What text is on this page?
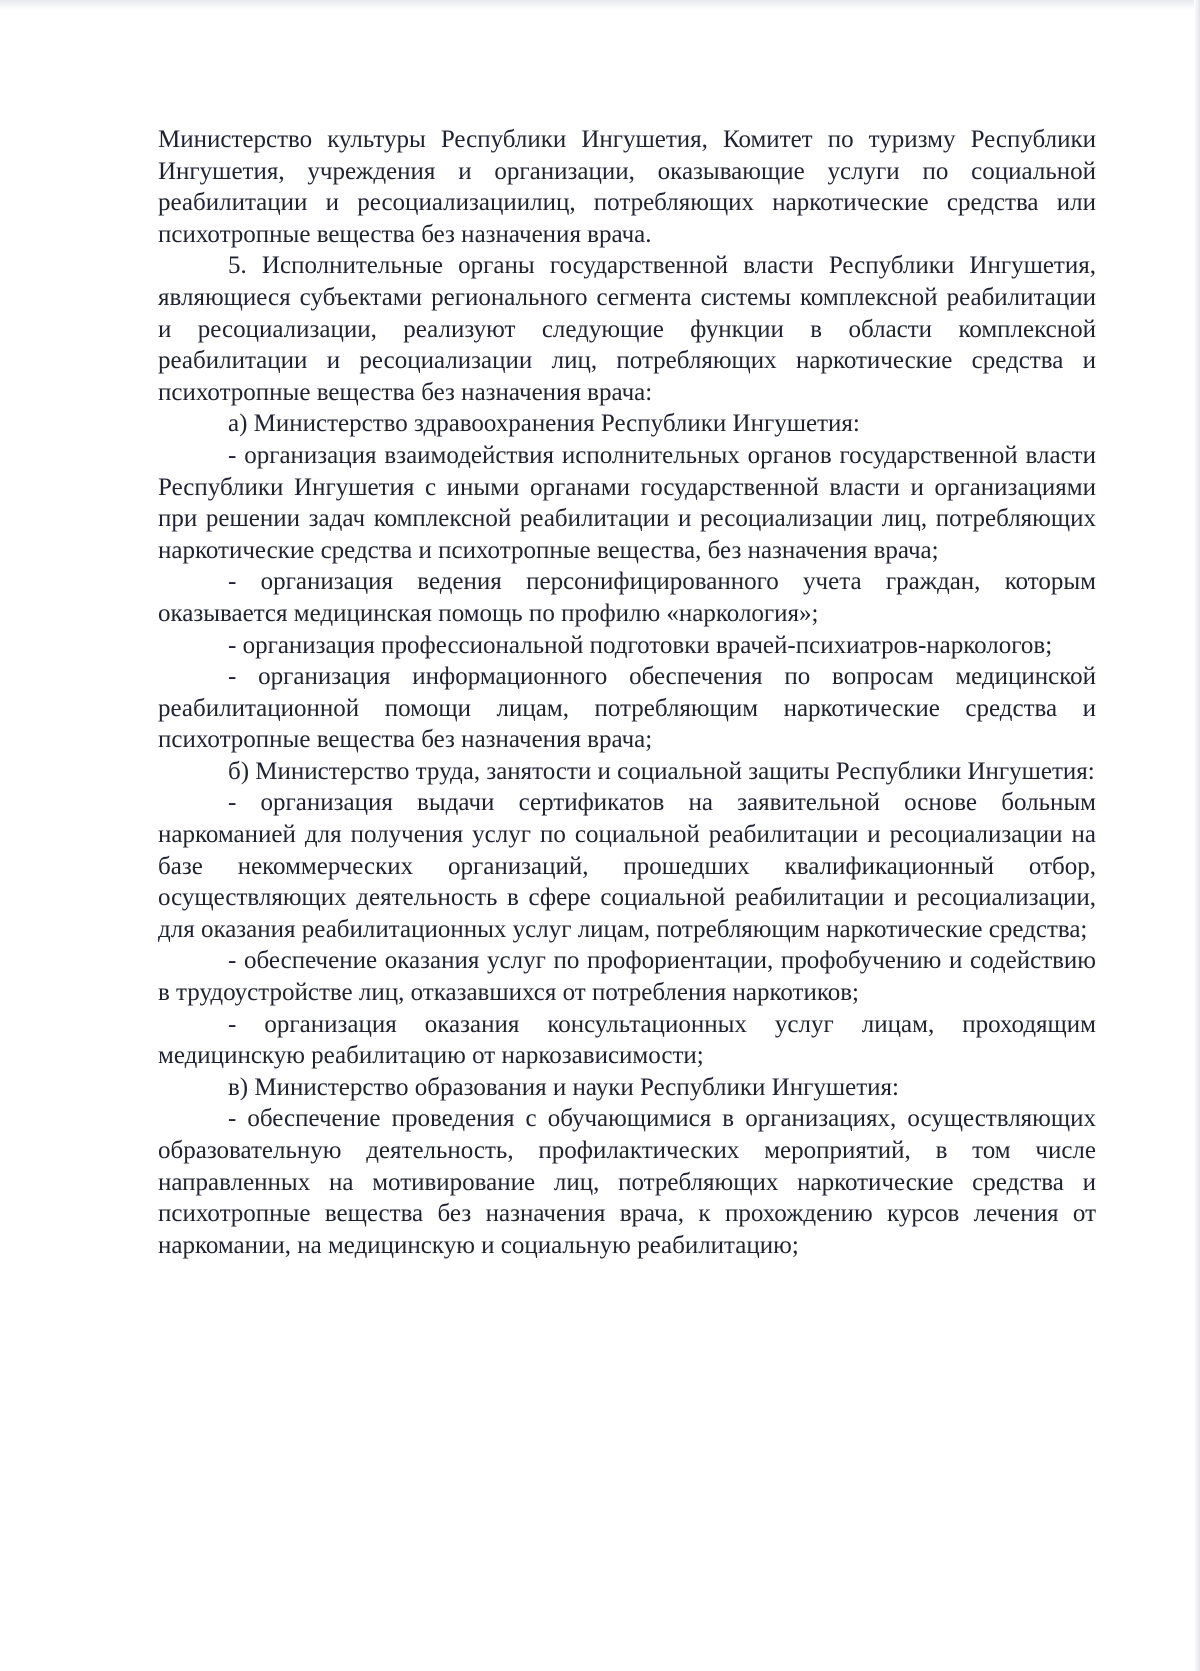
Министерство культуры Республики Ингушетия, Комитет по туризму Республики Ингушетия, учреждения и организации, оказывающие услуги по социальной реабилитации и ресоциализациилиц, потребляющих наркотические средства или психотропные вещества без назначения врача.

5. Исполнительные органы государственной власти Республики Ингушетия, являющиеся субъектами регионального сегмента системы комплексной реабилитации и ресоциализации, реализуют следующие функции в области комплексной реабилитации и ресоциализации лиц, потребляющих наркотические средства и психотропные вещества без назначения врача:

а) Министерство здравоохранения Республики Ингушетия:

- организация взаимодействия исполнительных органов государственной власти Республики Ингушетия с иными органами государственной власти и организациями при решении задач комплексной реабилитации и ресоциализации лиц, потребляющих наркотические средства и психотропные вещества, без назначения врача;

- организация ведения персонифицированного учета граждан, которым оказывается медицинская помощь по профилю «наркология»;

- организация профессиональной подготовки врачей-психиатров-наркологов;

- организация информационного обеспечения по вопросам медицинской реабилитационной помощи лицам, потребляющим наркотические средства и психотропные вещества без назначения врача;

б) Министерство труда, занятости и социальной защиты Республики Ингушетия:

- организация выдачи сертификатов на заявительной основе больным наркоманией для получения услуг по социальной реабилитации и ресоциализации на базе некоммерческих организаций, прошедших квалификационный отбор, осуществляющих деятельность в сфере социальной реабилитации и ресоциализации, для оказания реабилитационных услуг лицам, потребляющим наркотические средства;

- обеспечение оказания услуг по профориентации, профобучению и содействию в трудоустройстве лиц, отказавшихся от потребления наркотиков;

- организация оказания консультационных услуг лицам, проходящим медицинскую реабилитацию от наркозависимости;

в) Министерство образования и науки Республики Ингушетия:

- обеспечение проведения с обучающимися в организациях, осуществляющих образовательную деятельность, профилактических мероприятий, в том числе направленных на мотивирование лиц, потребляющих наркотические средства и психотропные вещества без назначения врача, к прохождению курсов лечения от наркомании, на медицинскую и социальную реабилитацию;
